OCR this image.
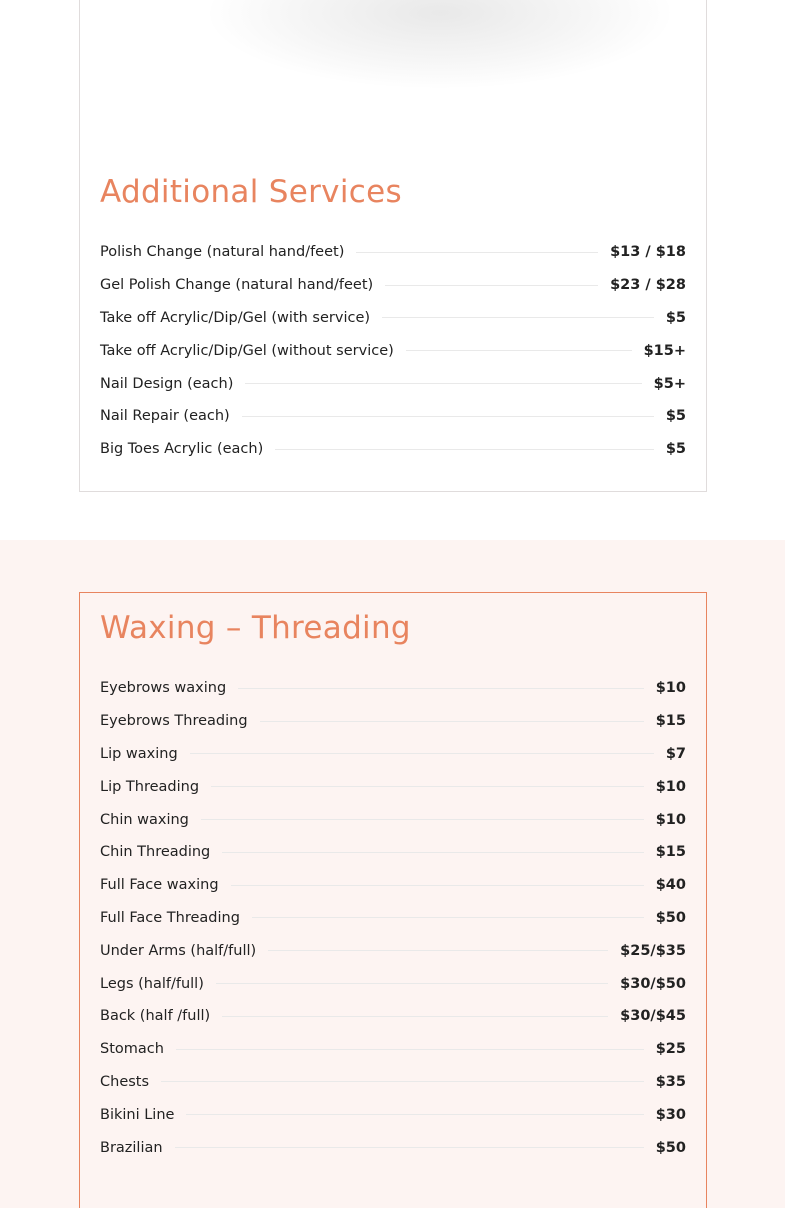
Additional Services
Polish Change (natural hand/feet)	$13 / $18
Gel Polish Change (natural hand/feet)	$23 / $28
Take off Acrylic/Dip/Gel (with service)	$5
Take off Acrylic/Dip/Gel (without service)	$15+
Nail Design (each)	$5+
Nail Repair (each)	$5
Big Toes Acrylic (each)	$5
Waxing – Threading
Eyebrows waxing	$10
Eyebrows Threading	$15
Lip waxing	$7
Lip Threading	$10
Chin waxing	$10
Chin Threading	$15
Full Face waxing	$40
Full Face Threading	$50
Under Arms (half/full)	$25/$35
Legs (half/full)	$30/$50
Back (half /full)	$30/$45
Stomach	$25
Chests	$35
Bikini Line	$30
Brazilian	$50
